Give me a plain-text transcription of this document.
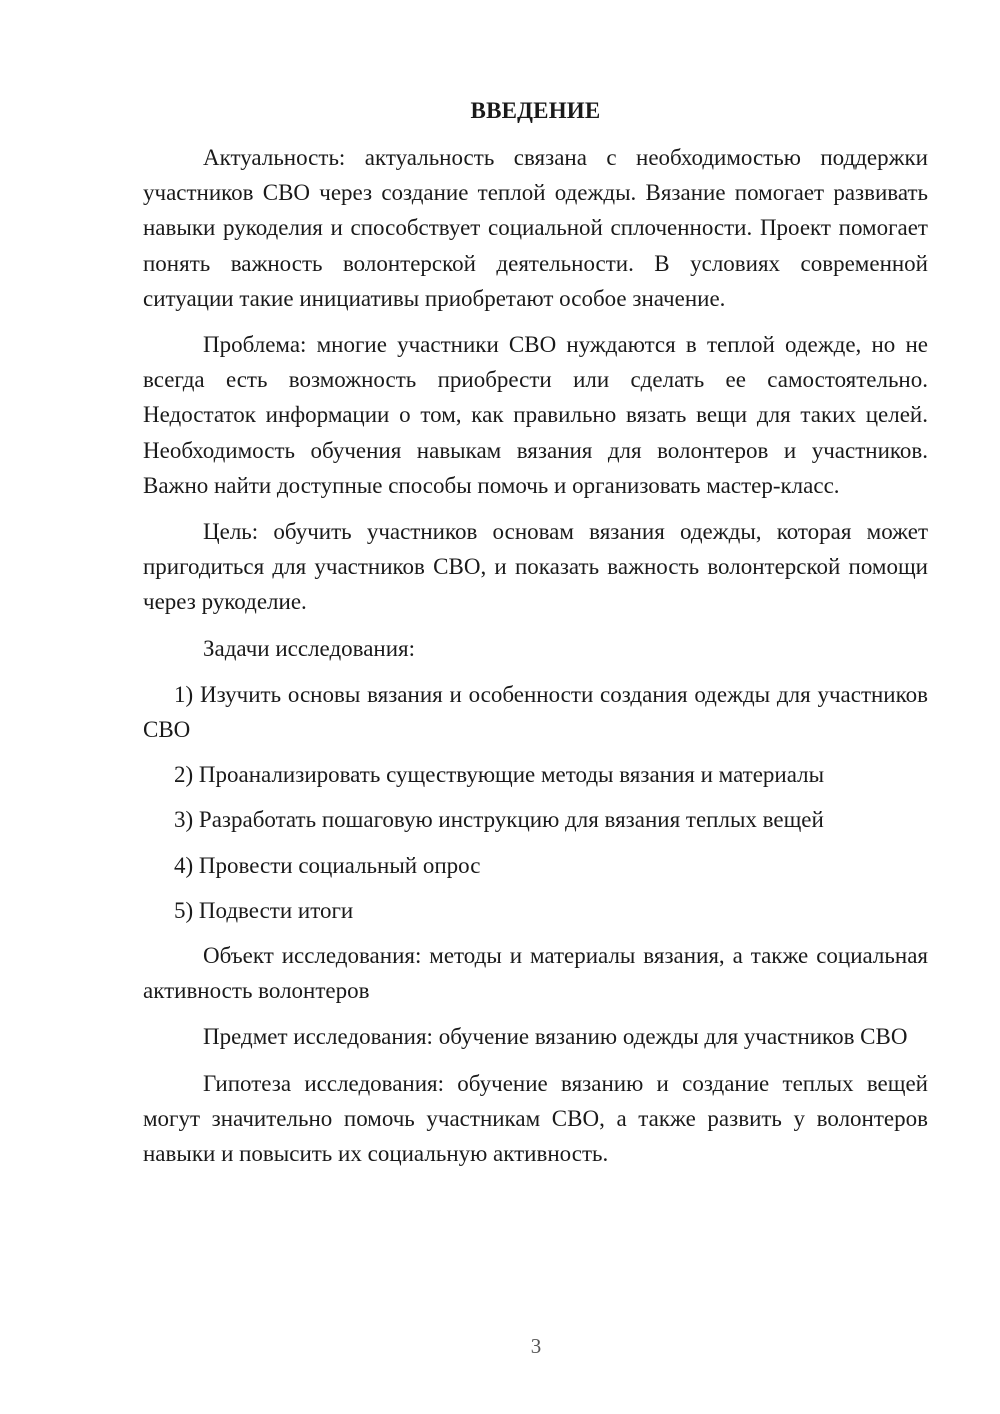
ВВЕДЕНИЕ

Актуальность: актуальность связана с необходимостью поддержки участников СВО через создание теплой одежды. Вязание помогает развивать навыки рукоделия и способствует социальной сплоченности. Проект помогает понять важность волонтерской деятельности. В условиях современной ситуации такие инициативы приобретают особое значение.

Проблема: многие участники СВО нуждаются в теплой одежде, но не всегда есть возможность приобрести или сделать ее самостоятельно. Недостаток информации о том, как правильно вязать вещи для таких целей. Необходимость обучения навыкам вязания для волонтеров и участников. Важно найти доступные способы помочь и организовать мастер-класс.

Цель: обучить участников основам вязания одежды, которая может пригодиться для участников СВО, и показать важность волонтерской помощи через рукоделие.

Задачи исследования:

1) Изучить основы вязания и особенности создания одежды для участников СВО

2) Проанализировать существующие методы вязания и материалы

3) Разработать пошаговую инструкцию для вязания теплых вещей

4) Провести социальный опрос

5) Подвести итоги

Объект исследования: методы и материалы вязания, а также социальная активность волонтеров

Предмет исследования: обучение вязанию одежды для участников СВО

Гипотеза исследования: обучение вязанию и создание теплых вещей могут значительно помочь участникам СВО, а также развить у волонтеров навыки и повысить их социальную активность.

3
